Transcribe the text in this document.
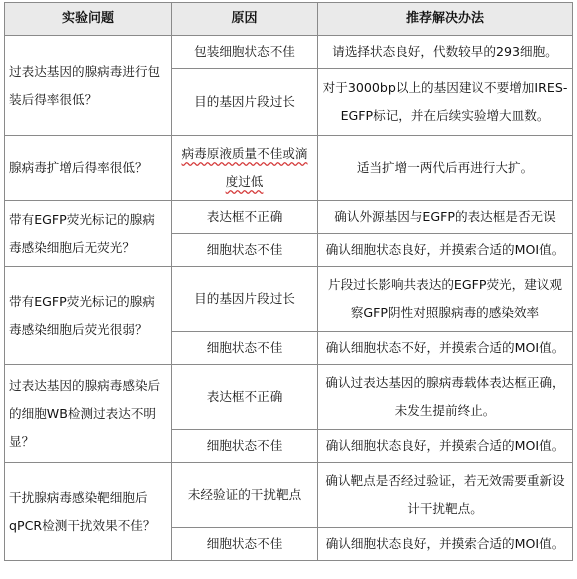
实验问题	原因	推荐解决办法
过表达基因的腺病毒进行包装后得率很低？	包装细胞状态不佳	请选择状态良好，代数较早的293细胞。
	目的基因片段过长	对于3000bp以上的基因建议不要增加IRES-EGFP标记，并在后续实验增大皿数。
腺病毒扩增后得率很低？	病毒原液质量不佳或滴度过低	适当扩增一两代后再进行大扩。
带有EGFP荧光标记的腺病毒感染细胞后无荧光？	表达框不正确	确认外源基因与EGFP的表达框是否无误
	细胞状态不佳	确认细胞状态良好，并摸索合适的MOI值。
带有EGFP荧光标记的腺病毒感染细胞后荧光很弱？	目的基因片段过长	片段过长影响共表达的EGFP荧光，建议观察GFP阴性对照腺病毒的感染效率
	细胞状态不佳	确认细胞状态不好，并摸索合适的MOI值。
过表达基因的腺病毒感染后的细胞WB检测过表达不明显？	表达框不正确	确认过表达基因的腺病毒载体表达框正确，未发生提前终止。
	细胞状态不佳	确认细胞状态良好，并摸索合适的MOI值。
干扰腺病毒感染靶细胞后qPCR检测干扰效果不佳？	未经验证的干扰靶点	确认靶点是否经过验证，若无效需要重新设计干扰靶点。
	细胞状态不佳	确认细胞状态良好，并摸索合适的MOI值。
